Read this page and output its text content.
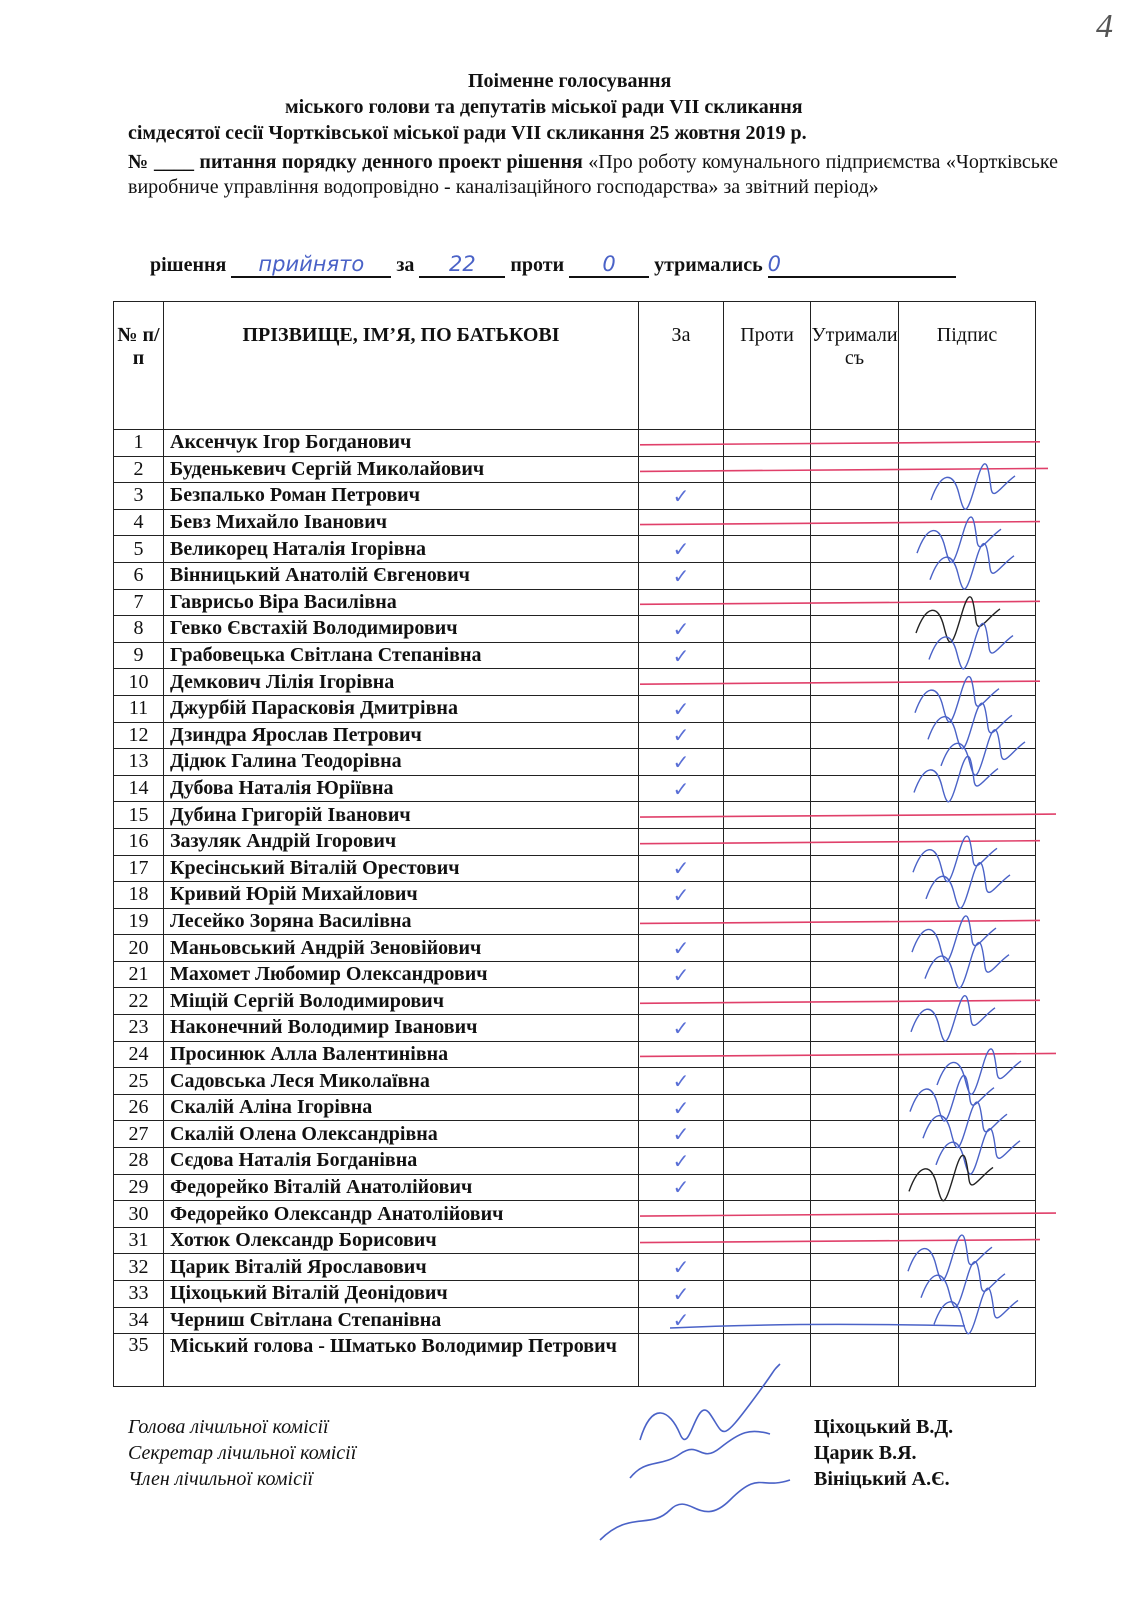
4
Поіменне голосування
міського голови та депутатів міської ради VII скликання
сімдесятої сесії Чортківської міської ради VII скликання 25 жовтня 2019 р.
№ ____ питання порядку денного проект рішення «Про роботу комунального підприємства «Чортківське виробниче управління водопровідно - каналізаційного господарства» за звітний період»
рішення прийнято за 22 проти 0 утримались 0
№ п/п	ПРІЗВИЩЕ, ІМ’Я, ПО БАТЬКОВІ	За	Проти	Утрималисъ	Підпис
1	Аксенчук Ігор Богданович				
2	Буденькевич Сергій Миколайович				
3	Безпалько Роман Петрович	✓			
4	Бевз Михайло Іванович				
5	Великорец Наталія Ігорівна	✓			
6	Вінницький Анатолій Євгенович	✓			
7	Гаврисьо Віра Василівна				
8	Гевко Євстахій Володимирович	✓			
9	Грабовецька Світлана Степанівна	✓			
10	Демкович Лілія Ігорівна				
11	Джурбій Парасковія Дмитрівна	✓			
12	Дзиндра Ярослав Петрович	✓			
13	Дідюк Галина Теодорівна	✓			
14	Дубова Наталія Юріївна	✓			
15	Дубина Григорій Іванович				
16	Зазуляк Андрій Ігорович				
17	Кресінський Віталій Орестович	✓			
18	Кривий Юрій Михайлович	✓			
19	Лесейко Зоряна Василівна				
20	Маньовський Андрій Зеновійович	✓			
21	Махомет Любомир Олександрович	✓			
22	Міщій Сергій Володимирович				
23	Наконечний Володимир Іванович	✓			
24	Просинюк Алла Валентинівна				
25	Садовська Леся Миколаївна	✓			
26	Скалій Аліна Ігорівна	✓			
27	Скалій Олена Олександрівна	✓			
28	Сєдова Наталія Богданівна	✓			
29	Федорейко Віталій Анатолійович	✓			
30	Федорейко Олександр Анатолійович				
31	Хотюк Олександр Борисович				
32	Царик Віталій Ярославович	✓			
33	Ціхоцький Віталій Деонідович	✓			
34	Черниш Світлана Степанівна	✓			
35	Міський голова - Шматько Володимир Петрович				
Голова лічильної комісії
Секретар лічильної комісії
Член лічильної комісії
Ціхоцький В.Д.
Царик В.Я.
Вініцький А.Є.
